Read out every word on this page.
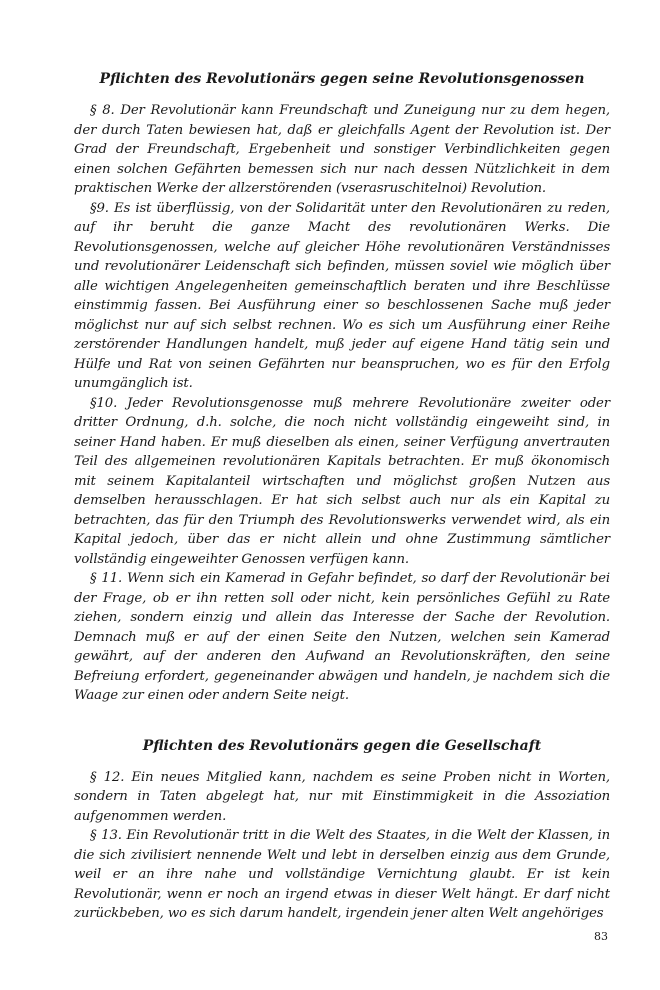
Pflichten des Revolutionärs gegen seine Revolutionsgenossen

§ 8. Der Revolutionär kann Freundschaft und Zuneigung nur zu dem hegen, der durch Taten bewiesen hat, daß er gleichfalls Agent der Revolution ist. Der Grad der Freundschaft, Ergebenheit und sonstiger Verbindlichkeiten gegen einen solchen Gefährten bemessen sich nur nach dessen Nützlichkeit in dem praktischen Werke der allzerstörenden (vserasruschitelnoi) Revolution.

§9. Es ist überflüssig, von der Solidarität unter den Revolutionären zu reden, auf ihr beruht die ganze Macht des revolutionären Werks. Die Revolutionsgenossen, welche auf gleicher Höhe revolutionären Verständnisses und revolutionärer Leidenschaft sich befinden, müssen soviel wie möglich über alle wichtigen Angelegenheiten gemeinschaftlich beraten und ihre Beschlüsse einstimmig fassen. Bei Ausführung einer so beschlossenen Sache muß jeder möglichst nur auf sich selbst rechnen. Wo es sich um Ausführung einer Reihe zerstörender Handlungen handelt, muß jeder auf eigene Hand tätig sein und Hülfe und Rat von seinen Gefährten nur beanspruchen, wo es für den Erfolg unumgänglich ist.

§10. Jeder Revolutionsgenosse muß mehrere Revolutionäre zweiter oder dritter Ordnung, d.h. solche, die noch nicht vollständig eingeweiht sind, in seiner Hand haben. Er muß dieselben als einen, seiner Verfügung anvertrauten Teil des allgemeinen revolutionären Kapitals betrachten. Er muß ökonomisch mit seinem Kapitalanteil wirtschaften und möglichst großen Nutzen aus demselben herausschlagen. Er hat sich selbst auch nur als ein Kapital zu betrachten, das für den Triumph des Revolutionswerks verwendet wird, als ein Kapital jedoch, über das er nicht allein und ohne Zustimmung sämtlicher vollständig eingeweihter Genossen verfügen kann.

§ 11. Wenn sich ein Kamerad in Gefahr befindet, so darf der Revolutionär bei der Frage, ob er ihn retten soll oder nicht, kein persönliches Gefühl zu Rate ziehen, sondern einzig und allein das Interesse der Sache der Revolution. Demnach muß er auf der einen Seite den Nutzen, welchen sein Kamerad gewährt, auf der anderen den Aufwand an Revolutionskräften, den seine Befreiung erfordert, gegeneinander abwägen und handeln, je nachdem sich die Waage zur einen oder andern Seite neigt.

Pflichten des Revolutionärs gegen die Gesellschaft

§ 12. Ein neues Mitglied kann, nachdem es seine Proben nicht in Worten, sondern in Taten abgelegt hat, nur mit Einstimmigkeit in die Assoziation aufgenommen werden.

§ 13. Ein Revolutionär tritt in die Welt des Staates, in die Welt der Klassen, in die sich zivilisiert nennende Welt und lebt in derselben einzig aus dem Grunde, weil er an ihre nahe und vollständige Vernichtung glaubt. Er ist kein Revolutionär, wenn er noch an irgend etwas in dieser Welt hängt. Er darf nicht zurückbeben, wo es sich darum handelt, irgendein jener alten Welt angehöriges

83
